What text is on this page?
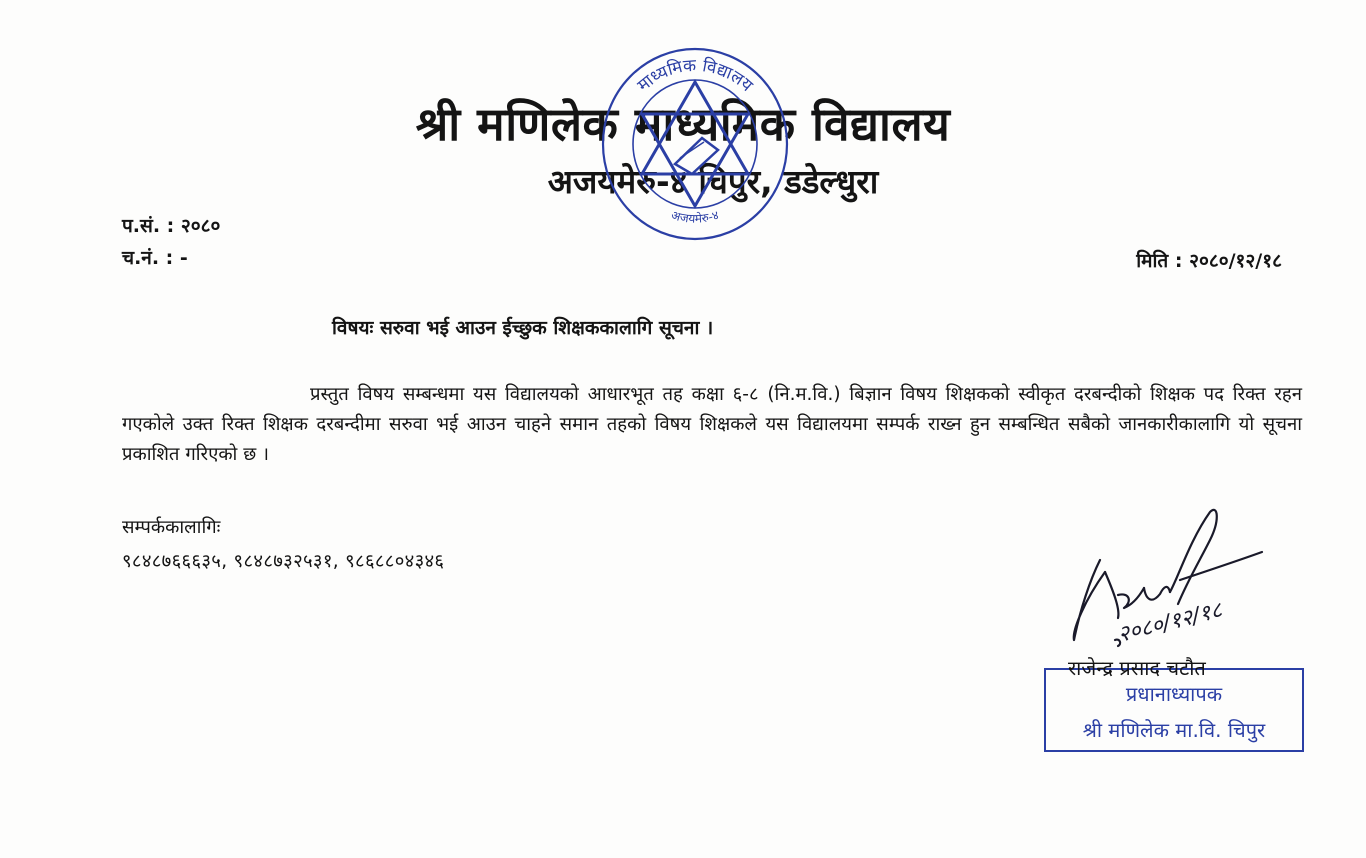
श्री मणिलेक माध्यमिक विद्यालय
अजयमेरु-४ चिपुर, डडेल्धुरा
माध्यमिक विद्यालय
अजयमेरु-४
प.सं. : २०८०
च.नं. : -	मिति : २०८०/१२/१८
विषयः सरुवा भई आउन ईच्छुक शिक्षककालागि सूचना ।
प्रस्तुत विषय सम्बन्धमा यस विद्यालयको आधारभूत तह कक्षा ६-८ (नि.म.वि.) बिज्ञान विषय शिक्षकको स्वीकृत दरबन्दीको शिक्षक पद रिक्त रहन गएकोले उक्त रिक्त शिक्षक दरबन्दीमा सरुवा भई आउन चाहने समान तहको विषय शिक्षकले यस विद्यालयमा सम्पर्क राख्न हुन सम्बन्धित सबैको जानकारीकालागि यो सूचना प्रकाशित गरिएको छ ।
सम्पर्ककालागिः
९८४८७६६६३५, ९८४८७३२५३१, ९८६८८०४३४६
२०८०/१२/१८
राजेन्द्र प्रसाद चटौत
प्रधानाध्यापक
श्री मणिलेक मा.वि. चिपुर
